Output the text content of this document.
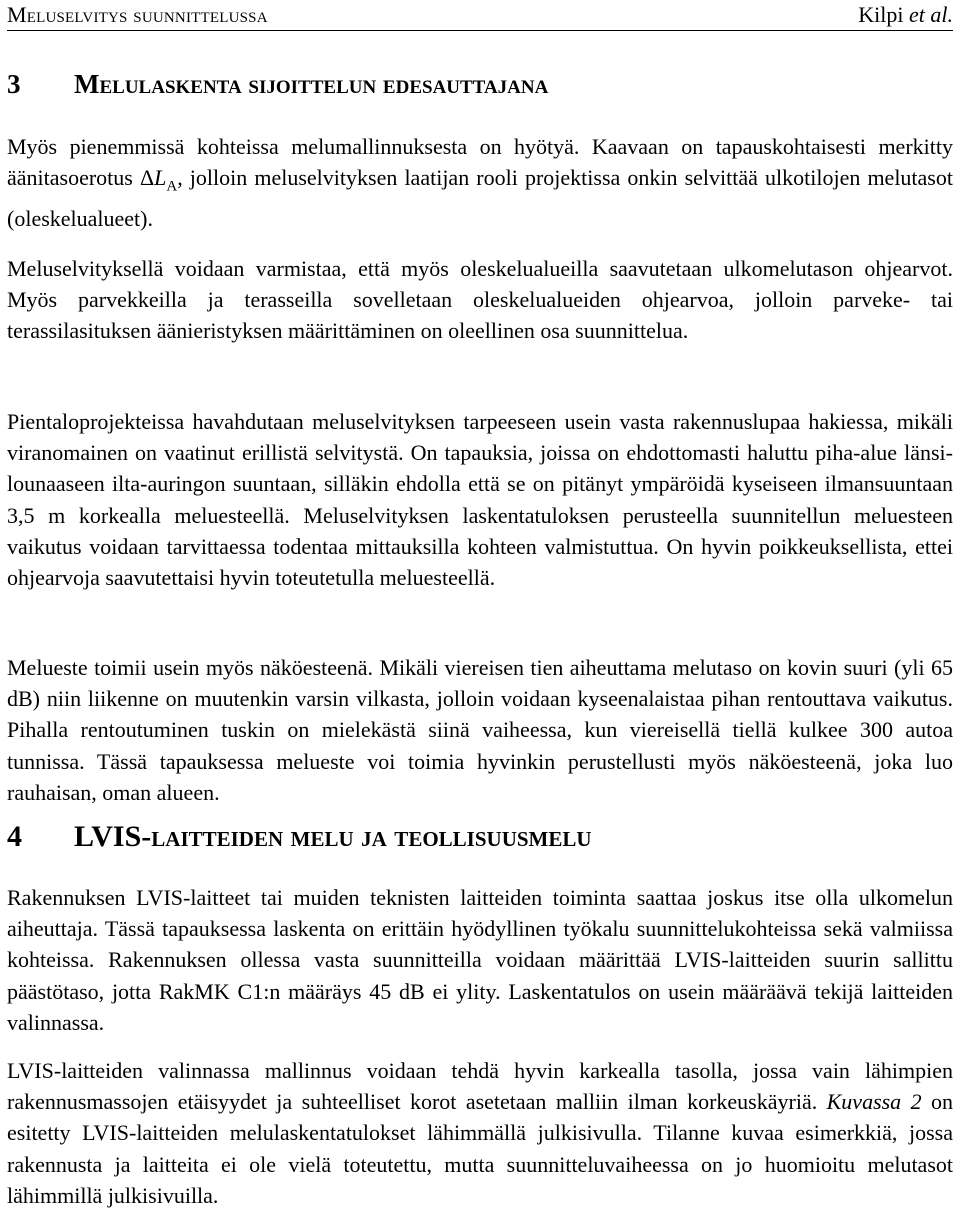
Meluselvitys suunnittelussa	Kilpi et al.
3 Melulaskenta sijoittelun edesauttajana

Myös pienemmissä kohteissa melumallinnuksesta on hyötyä. Kaavaan on tapauskohtaisesti merkitty äänitasoerotus $\Delta L_A$, jolloin meluselvityksen laatijan rooli projektissa onkin selvittää ulkotilojen melutasot (oleskelualueet).

Meluselvityksellä voidaan varmistaa, että myös oleskelualueilla saavutetaan ulkomelutason ohjearvot. Myös parvekkeilla ja terasseilla sovelletaan oleskelualueiden ohjearvoa, jolloin parveke- tai terassilasituksen äänieristyksen määrittäminen on oleellinen osa suunnittelua.

Pientaloprojekteissa havahdutaan meluselvityksen tarpeeseen usein vasta rakennuslupaa hakiessa, mikäli viranomainen on vaatinut erillistä selvitystä. On tapauksia, joissa on ehdottomasti haluttu piha-alue länsi-lounaaseen ilta-auringon suuntaan, silläkin ehdolla että se on pitänyt ympäröidä kyseiseen ilmansuuntaan 3,5 m korkealla meluesteellä. Meluselvityksen laskentatuloksen perusteella suunnitellun meluesteen vaikutus voidaan tarvittaessa todentaa mittauksilla kohteen valmistuttua. On hyvin poikkeuksellista, ettei ohjearvoja saavutettaisi hyvin toteutetulla meluesteellä.

Melueste toimii usein myös näköesteenä. Mikäli viereisen tien aiheuttama melutaso on kovin suuri (yli 65 dB) niin liikenne on muutenkin varsin vilkasta, jolloin voidaan kyseenalaistaa pihan rentouttava vaikutus. Pihalla rentoutuminen tuskin on mielekästä siinä vaiheessa, kun viereisellä tiellä kulkee 300 autoa tunnissa. Tässä tapauksessa melueste voi toimia hyvinkin perustellusti myös näköesteenä, joka luo rauhaisan, oman alueen.

4 LVIS-laitteiden melu ja teollisuusmelu

Rakennuksen LVIS-laitteet tai muiden teknisten laitteiden toiminta saattaa joskus itse olla ulkomelun aiheuttaja. Tässä tapauksessa laskenta on erittäin hyödyllinen työkalu suunnittelukohteissa sekä valmiissa kohteissa. Rakennuksen ollessa vasta suunnitteilla voidaan määrittää LVIS-laitteiden suurin sallittu päästötaso, jotta RakMK C1:n määräys 45 dB ei ylity. Laskentatulos on usein määräävä tekijä laitteiden valinnassa.

LVIS-laitteiden valinnassa mallinnus voidaan tehdä hyvin karkealla tasolla, jossa vain lähimpien rakennusmassojen etäisyydet ja suhteelliset korot asetetaan malliin ilman korkeuskäyriä. Kuvassa 2 on esitetty LVIS-laitteiden melulaskentatulokset lähimmällä julkisivulla. Tilanne kuvaa esimerkkiä, jossa rakennusta ja laitteita ei ole vielä toteutettu, mutta suunnitteluvaiheessa on jo huomioitu melutasot lähimmillä julkisivuilla.
